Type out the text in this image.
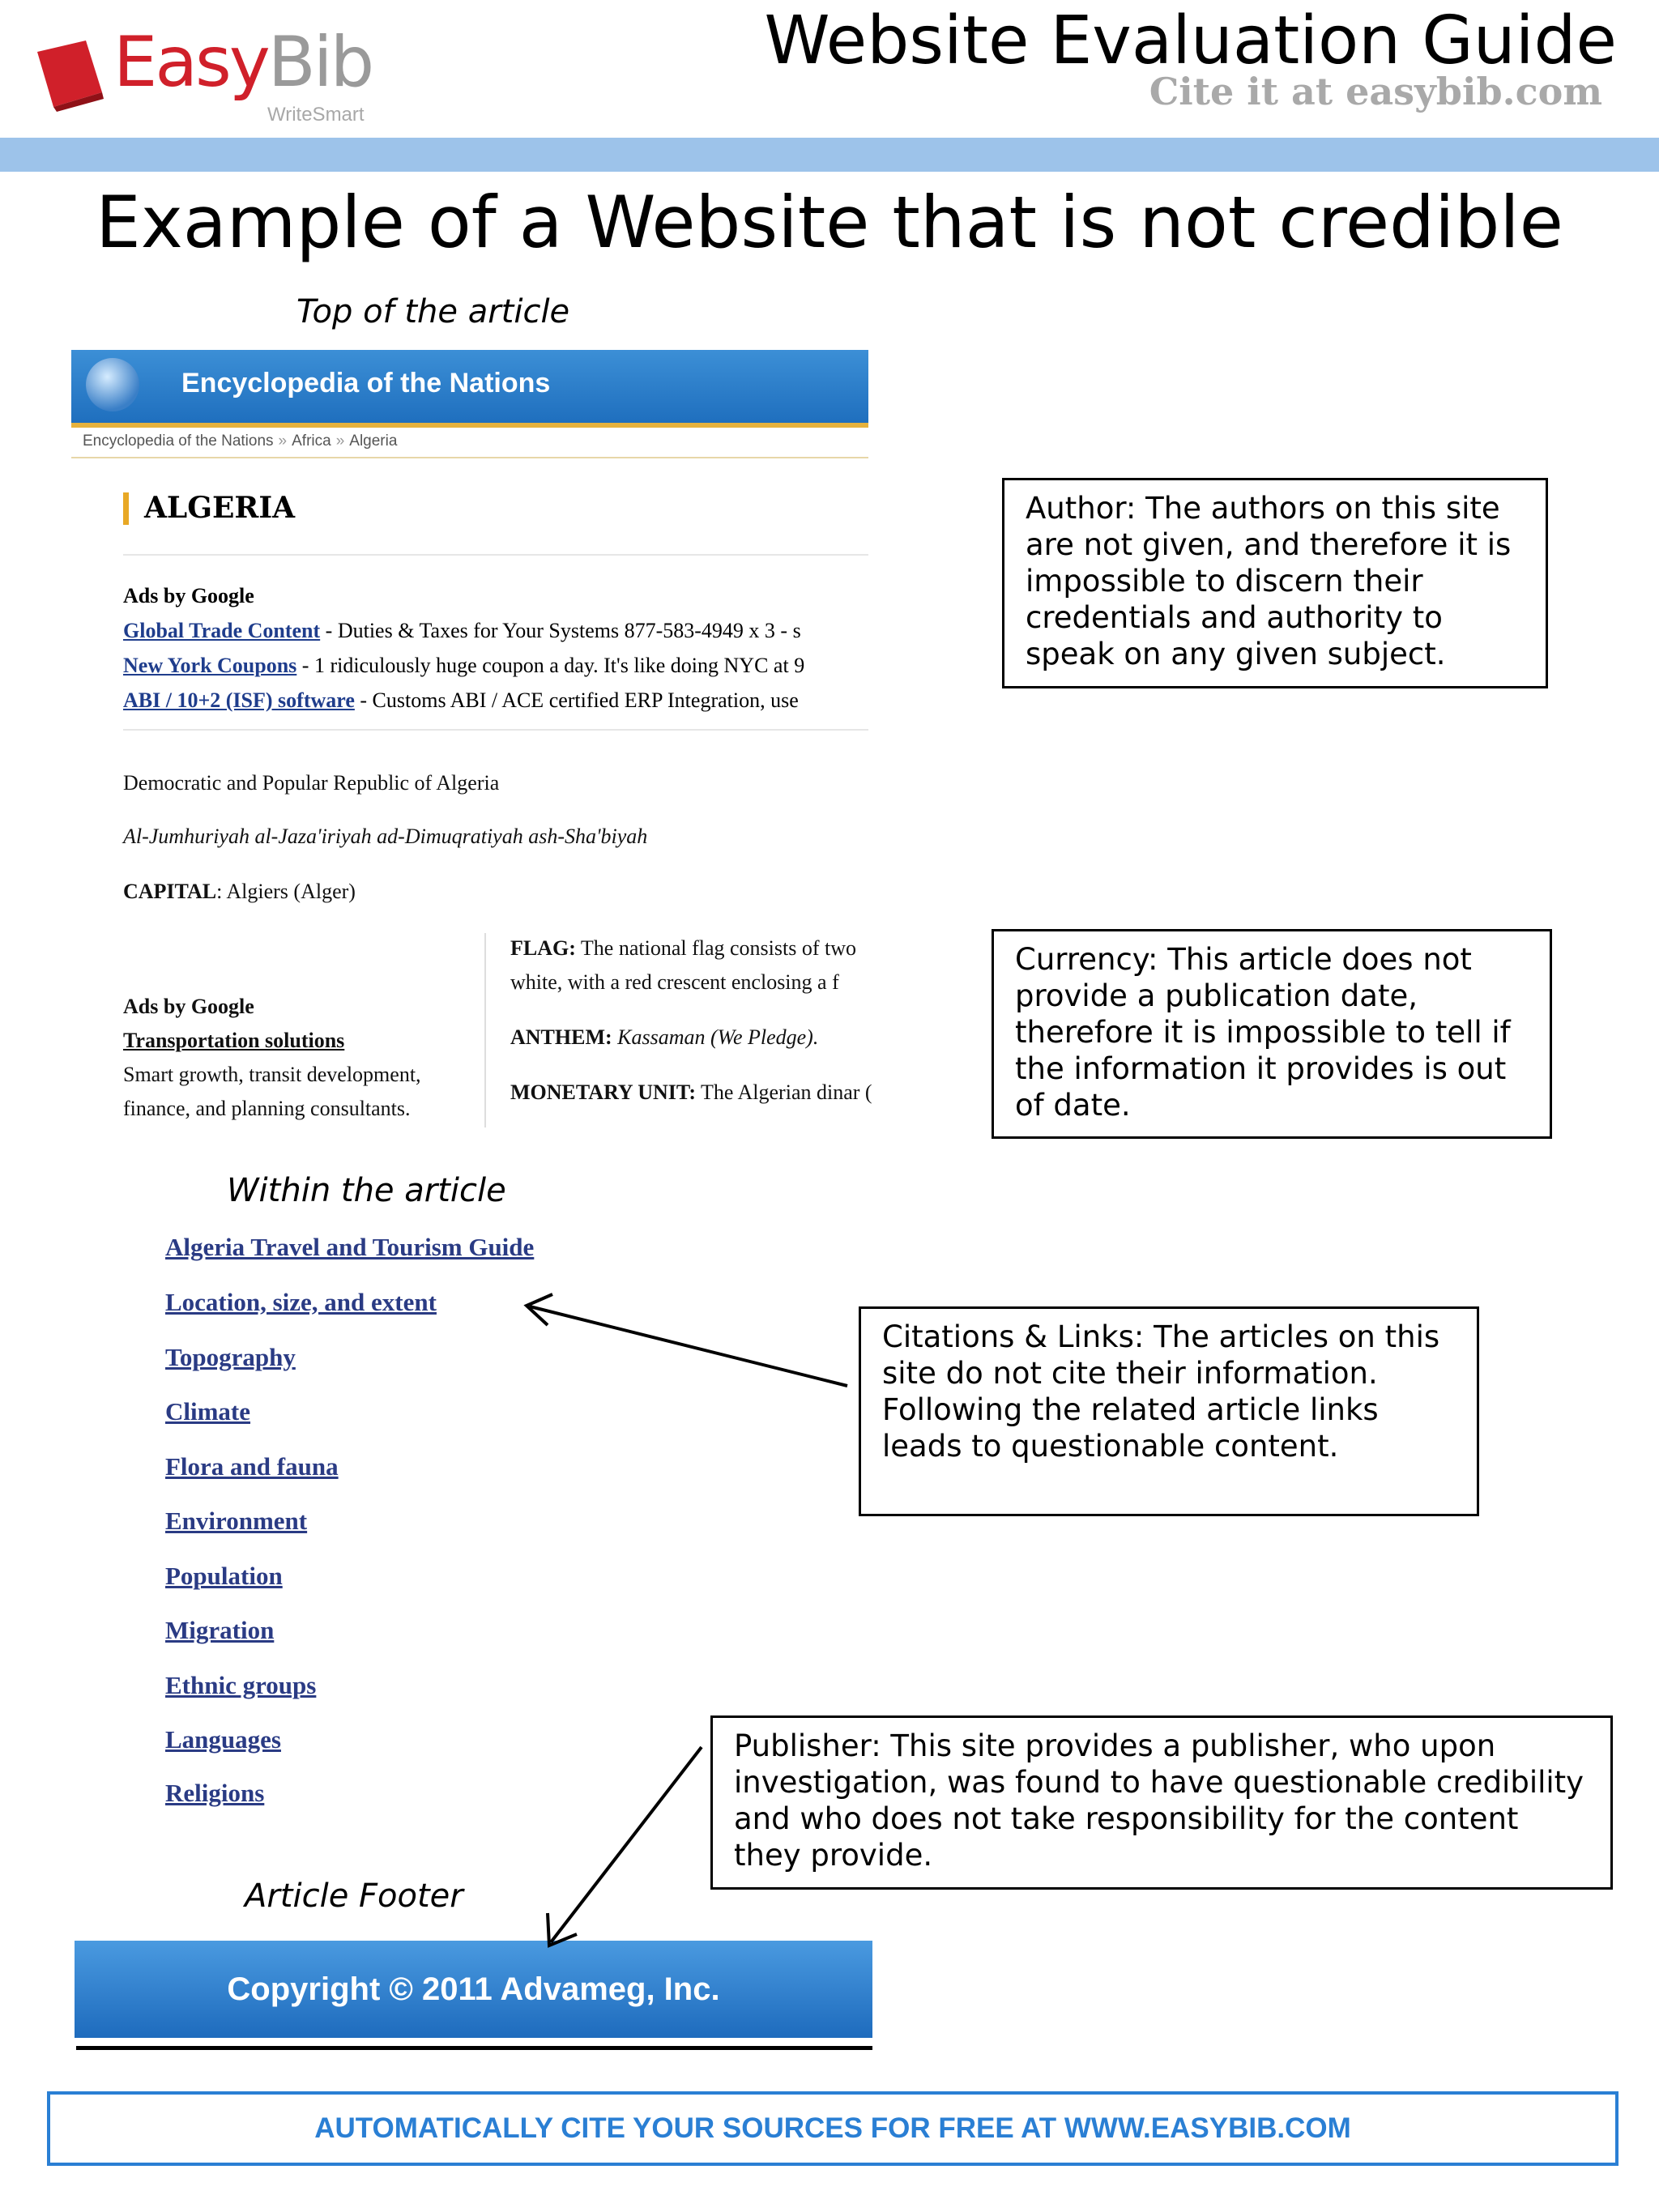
EasyBib
WriteSmart
Website Evaluation Guide
Cite it at easybib.com
Example of a Website that is not credible
Top of the article
Encyclopedia of the Nations
Encyclopedia of the Nations » Africa » Algeria
ALGERIA
Ads by Google
Global Trade Content - Duties & Taxes for Your Systems 877-583-4949 x 3 - s
New York Coupons - 1 ridiculously huge coupon a day. It's like doing NYC at 9
ABI / 10+2 (ISF) software - Customs ABI / ACE certified ERP Integration, use
Democratic and Popular Republic of Algeria
Al-Jumhuriyah al-Jaza'iriyah ad-Dimuqratiyah ash-Sha'biyah
CAPITAL: Algiers (Alger)
Ads by Google
Transportation solutions
Smart growth, transit development,
finance, and planning consultants.
FLAG: The national flag consists of two
white, with a red crescent enclosing a f
ANTHEM: Kassaman (We Pledge).
MONETARY UNIT: The Algerian dinar (
Within the article
Algeria Travel and Tourism Guide
Location, size, and extent
Topography
Climate
Flora and fauna
Environment
Population
Migration
Ethnic groups
Languages
Religions
Article Footer
Copyright © 2011 Advameg, Inc.
Author: The authors on this site are not given, and therefore it is impossible to discern their credentials and authority to speak on any given subject.
Currency: This article does not provide a publication date, therefore it is impossible to tell if the information it provides is out of date.
Citations & Links: The articles on this site do not cite their information. Following the related article links leads to questionable content.
Publisher: This site provides a publisher, who upon investigation, was found to have questionable credibility and who does not take responsibility for the content they provide.
AUTOMATICALLY CITE YOUR SOURCES FOR FREE AT WWW.EASYBIB.COM
